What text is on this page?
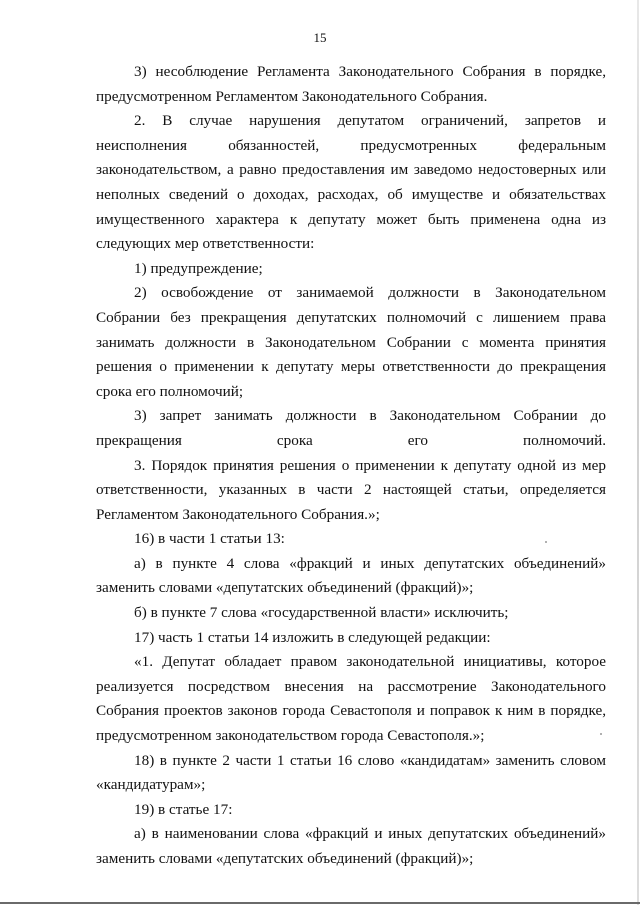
15

3) несоблюдение Регламента Законодательного Собрания в порядке, предусмотренном Регламентом Законодательного Собрания.

2. В случае нарушения депутатом ограничений, запретов и неисполнения обязанностей, предусмотренных федеральным законодательством, а равно предоставления им заведомо недостоверных или неполных сведений о доходах, расходах, об имуществе и обязательствах имущественного характера к депутату может быть применена одна из следующих мер ответственности:

1) предупреждение;

2) освобождение от занимаемой должности в Законодательном Собрании без прекращения депутатских полномочий с лишением права занимать должности в Законодательном Собрании с момента принятия решения о применении к депутату меры ответственности до прекращения срока его полномочий;

3) запрет занимать должности в Законодательном Собрании до прекращения срока его полномочий.

3. Порядок принятия решения о применении к депутату одной из мер ответственности, указанных в части 2 настоящей статьи, определяется Регламентом Законодательного Собрания.»;

16) в части 1 статьи 13:

а) в пункте 4 слова «фракций и иных депутатских объединений» заменить словами «депутатских объединений (фракций)»;

б) в пункте 7 слова «государственной власти» исключить;

17) часть 1 статьи 14 изложить в следующей редакции:

«1. Депутат обладает правом законодательной инициативы, которое реализуется посредством внесения на рассмотрение Законодательного Собрания проектов законов города Севастополя и поправок к ним в порядке, предусмотренном законодательством города Севастополя.»;

18) в пункте 2 части 1 статьи 16 слово «кандидатам» заменить словом «кандидатурам»;

19) в статье 17:

а) в наименовании слова «фракций и иных депутатских объединений» заменить словами «депутатских объединений (фракций)»;
